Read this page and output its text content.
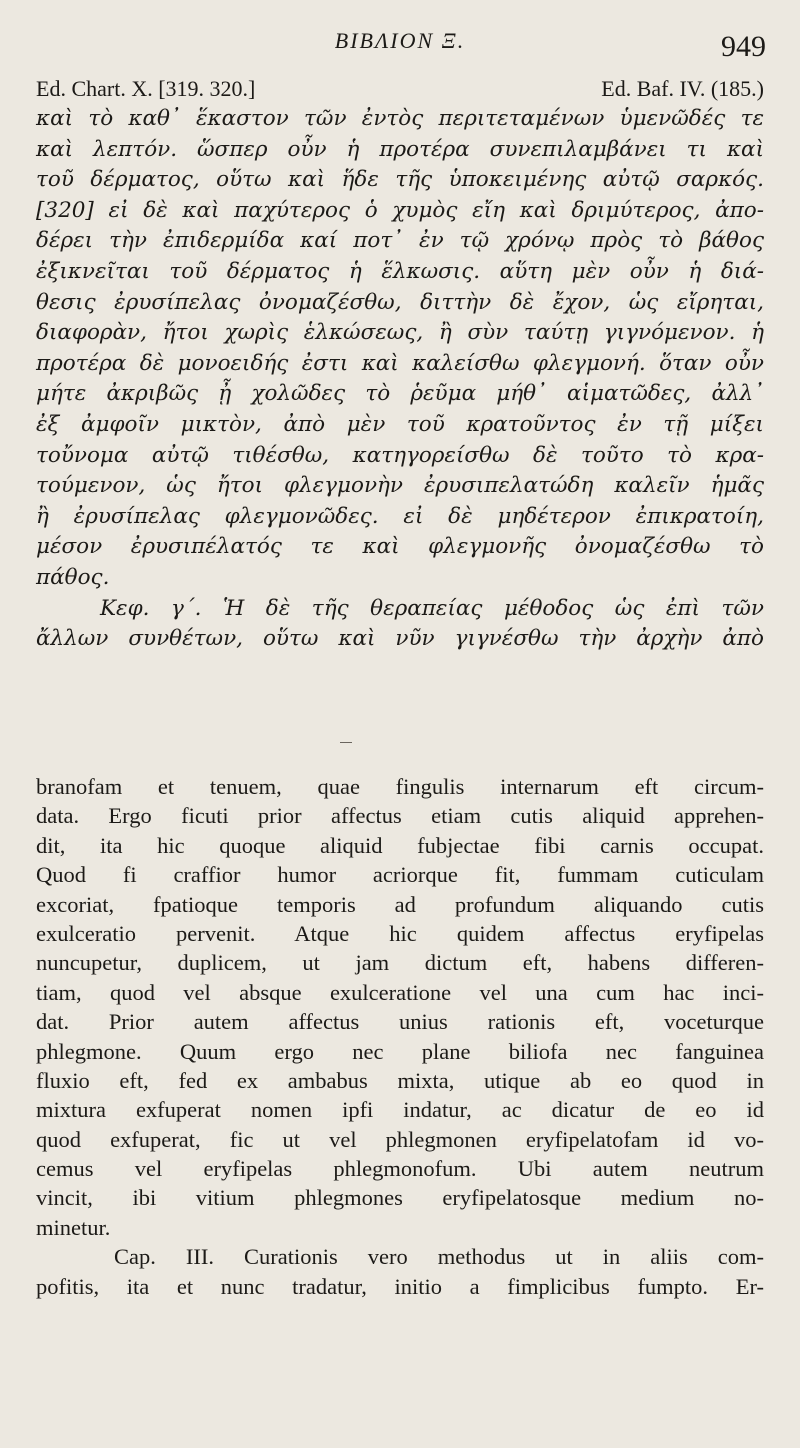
ΒΙΒΛΙΟΝ Ξ.	949
Ed. Chart. X. [319. 320.]	Ed. Baf. IV. (185.)
καὶ τὸ καθ᾿ ἕκαστον τῶν ἐντὸς περιτεταμένων ὑμενῶδές τε
καὶ λεπτόν. ὥσπερ οὖν ἡ προτέρα συνεπιλαμβάνει τι καὶ
τοῦ δέρματος, οὕτω καὶ ἥδε τῆς ὑποκειμένης αὐτῷ σαρκός.
[320] εἰ δὲ καὶ παχύτερος ὁ χυμὸς εἴη καὶ δριμύτερος, ἀπο-
δέρει τὴν ἐπιδερμίδα καί ποτ᾿ ἐν τῷ χρόνῳ πρὸς τὸ βάθος
ἐξικνεῖται τοῦ δέρματος ἡ ἕλκωσις. αὕτη μὲν οὖν ἡ διά-
θεσις ἐρυσίπελας ὀνομαζέσθω, διττὴν δὲ ἔχον, ὡς εἴρηται,
διαφορὰν, ἤτοι χωρὶς ἑλκώσεως, ἢ σὺν ταύτῃ γιγνόμενον. ἡ
προτέρα δὲ μονοειδής ἐστι καὶ καλείσθω φλεγμονή. ὅταν οὖν
μήτε ἀκριβῶς ᾖ χολῶδες τὸ ῥεῦμα μήθ᾿ αἱματῶδες, ἀλλ᾿
ἐξ ἀμφοῖν μικτὸν, ἀπὸ μὲν τοῦ κρατοῦντος ἐν τῇ μίξει
τοὔνομα αὐτῷ τιθέσθω, κατηγορείσθω δὲ τοῦτο τὸ κρα-
τούμενον, ὡς ἤτοι φλεγμονὴν ἐρυσιπελατώδη καλεῖν ἡμᾶς
ἢ ἐρυσίπελας φλεγμονῶδες. εἰ δὲ μηδέτερον ἐπικρατοίη,
μέσον ἐρυσιπέλατός τε καὶ φλεγμονῆς ὀνομαζέσθω τὸ
πάθος.
Κεφ. γ΄. Ἡ δὲ τῆς θεραπείας μέθοδος ὡς ἐπὶ τῶν
ἄλλων συνθέτων, οὕτω καὶ νῦν γιγνέσθω τὴν ἀρχὴν ἀπὸ
branofam et tenuem, quae fingulis internarum eft circum-
data. Ergo ficuti prior affectus etiam cutis aliquid apprehen-
dit, ita hic quoque aliquid fubjectae fibi carnis occupat.
Quod fi craffior humor acriorque fit, fummam cuticulam
excoriat, fpatioque temporis ad profundum aliquando cutis
exulceratio pervenit. Atque hic quidem affectus eryfipelas
nuncupetur, duplicem, ut jam dictum eft, habens differen-
tiam, quod vel absque exulceratione vel una cum hac inci-
dat. Prior autem affectus unius rationis eft, voceturque
phlegmone. Quum ergo nec plane biliofa nec fanguinea
fluxio eft, fed ex ambabus mixta, utique ab eo quod in
mixtura exfuperat nomen ipfi indatur, ac dicatur de eo id
quod exfuperat, fic ut vel phlegmonen eryfipelatofam id vo-
cemus vel eryfipelas phlegmonofum. Ubi autem neutrum
vincit, ibi vitium phlegmones eryfipelatosque medium no-
minetur.
Cap. III. Curationis vero methodus ut in aliis com-
pofitis, ita et nunc tradatur, initio a fimplicibus fumpto. Er-
